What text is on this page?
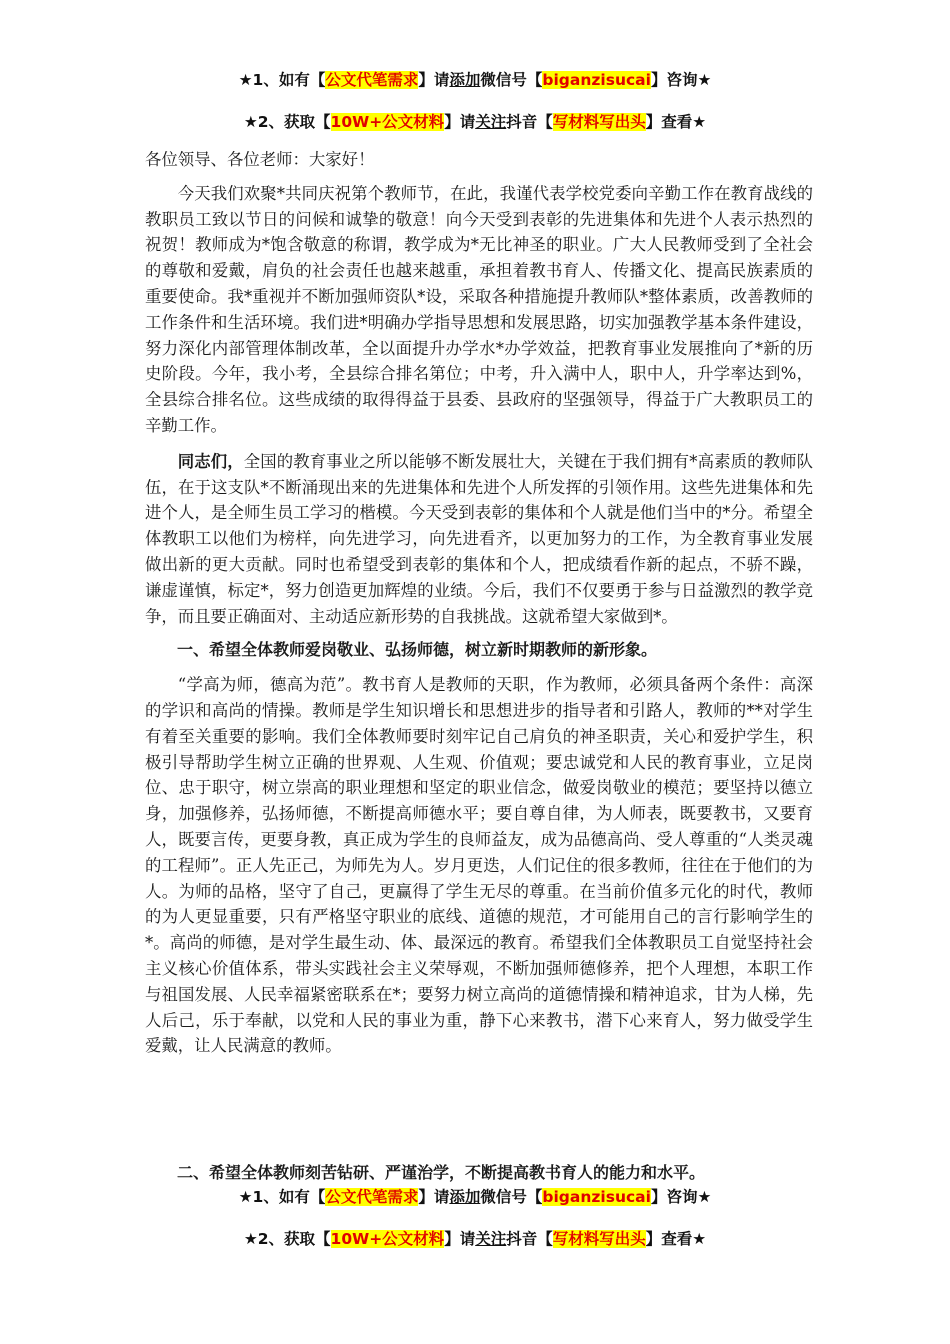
★1、如有【公文代笔需求】请添加微信号【biganzisucai】咨询★
★2、获取【10W+公文材料】请关注抖音【写材料写出头】查看★

各位领导、各位老师：大家好！

今天我们欢聚*共同庆祝第个教师节，在此，我谨代表学校党委向辛勤工作在教育战线的教职员工致以节日的问候和诚挚的敬意！向今天受到表彰的先进集体和先进个人表示热烈的祝贺！教师成为*饱含敬意的称谓，教学成为*无比神圣的职业。广大人民教师受到了全社会的尊敬和爱戴，肩负的社会责任也越来越重，承担着教书育人、传播文化、提高民族素质的重要使命。我*重视并不断加强师资队*设，采取各种措施提升教师队*整体素质，改善教师的工作条件和生活环境。我们进*明确办学指导思想和发展思路，切实加强教学基本条件建设，努力深化内部管理体制改革，全以面提升办学水*办学效益，把教育事业发展推向了*新的历史阶段。今年，我小考，全县综合排名第位；中考，升入满中人，职中人，升学率达到%，全县综合排名位。这些成绩的取得得益于县委、县政府的坚强领导，得益于广大教职员工的辛勤工作。

同志们，全国的教育事业之所以能够不断发展壮大，关键在于我们拥有*高素质的教师队伍，在于这支队*不断涌现出来的先进集体和先进个人所发挥的引领作用。这些先进集体和先进个人，是全师生员工学习的楷模。今天受到表彰的集体和个人就是他们当中的*分。希望全体教职工以他们为榜样，向先进学习，向先进看齐，以更加努力的工作，为全教育事业发展做出新的更大贡献。同时也希望受到表彰的集体和个人，把成绩看作新的起点，不骄不躁，谦虚谨慎，标定*，努力创造更加辉煌的业绩。今后，我们不仅要勇于参与日益激烈的教学竞争，而且要正确面对、主动适应新形势的自我挑战。这就希望大家做到*。

一、希望全体教师爱岗敬业、弘扬师德，树立新时期教师的新形象。

“学高为师，德高为范”。教书育人是教师的天职，作为教师，必须具备两个条件：高深的学识和高尚的情操。教师是学生知识增长和思想进步的指导者和引路人，教师的**对学生有着至关重要的影响。我们全体教师要时刻牢记自己肩负的神圣职责，关心和爱护学生，积极引导帮助学生树立正确的世界观、人生观、价值观；要忠诚党和人民的教育事业，立足岗位、忠于职守，树立崇高的职业理想和坚定的职业信念，做爱岗敬业的模范；要坚持以德立身，加强修养，弘扬师德，不断提高师德水平；要自尊自律，为人师表，既要教书，又要育人，既要言传，更要身教，真正成为学生的良师益友，成为品德高尚、受人尊重的“人类灵魂的工程师”。正人先正己，为师先为人。岁月更迭，人们记住的很多教师，往往在于他们的为人。为师的品格，坚守了自己，更赢得了学生无尽的尊重。在当前价值多元化的时代，教师的为人更显重要，只有严格坚守职业的底线、道德的规范，才可能用自己的言行影响学生的*。高尚的师德，是对学生最生动、体、最深远的教育。希望我们全体教职员工自觉坚持社会主义核心价值体系，带头实践社会主义荣辱观，不断加强师德修养，把个人理想，本职工作与祖国发展、人民幸福紧密联系在*；要努力树立高尚的道德情操和精神追求，甘为人梯，先人后己，乐于奉献，以党和人民的事业为重，静下心来教书，潜下心来育人，努力做受学生爱戴，让人民满意的教师。

二、希望全体教师刻苦钻研、严谨治学，不断提高教书育人的能力和水平。

★1、如有【公文代笔需求】请添加微信号【biganzisucai】咨询★
★2、获取【10W+公文材料】请关注抖音【写材料写出头】查看★
